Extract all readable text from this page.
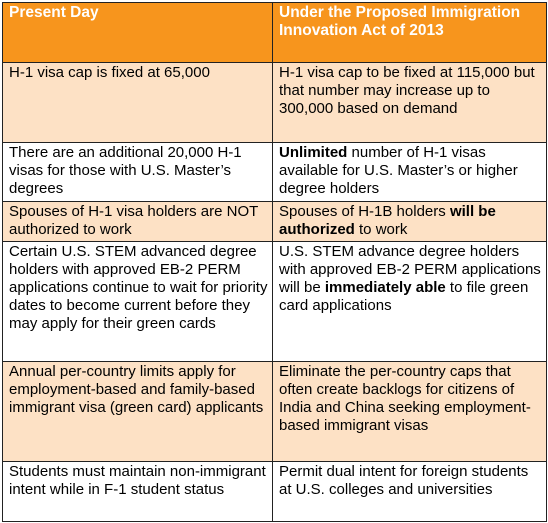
Present Day	Under the Proposed Immigration Innovation Act of 2013
H-1 visa cap is fixed at 65,000	H-1 visa cap to be fixed at 115,000 but that number may increase up to 300,000 based on demand
There are an additional 20,000 H-1 visas for those with U.S. Master’s degrees	Unlimited number of H-1 visas available for U.S. Master’s or higher degree holders
Spouses of H-1 visa holders are NOT authorized to work	Spouses of H-1B holders will be authorized to work
Certain U.S. STEM advanced degree holders with approved EB-2 PERM applications continue to wait for priority dates to become current before they may apply for their green cards	U.S. STEM advance degree holders with approved EB-2 PERM applications will be immediately able to file green card applications
Annual per-country limits apply for employment-based and family-based immigrant visa (green card) applicants	Eliminate the per-country caps that often create backlogs for citizens of India and China seeking employment-based immigrant visas
Students must maintain non-immigrant intent while in F-1 student status	Permit dual intent for foreign students at U.S. colleges and universities
